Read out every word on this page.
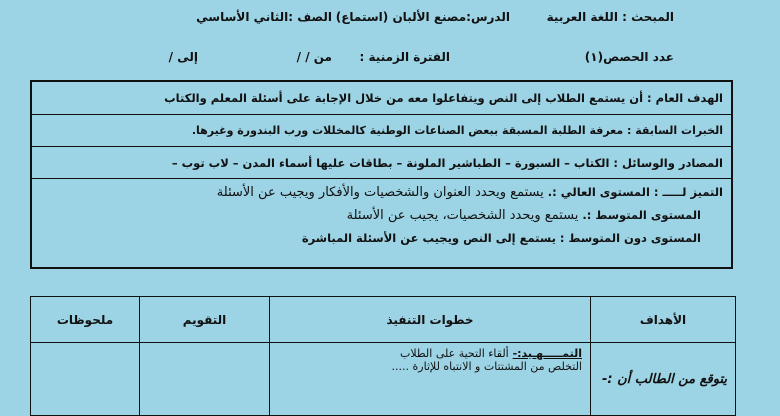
المبحث : اللغة العربية
الدرس:مصنع الألبان (استماع)
الصف :الثاني الأساسي
عدد الحصص(١)
الفترة الزمنية :
من / /
إلى /
الهدف العام : أن يستمع الطلاب إلى النص ويتفاعلوا معه من خلال الإجابة على أسئلة المعلم والكتاب
الخبرات السابقة : معرفة الطلبة المسبقة ببعض الصناعات الوطنية كالمخللات ورب البندورة وغيرها.
المصادر والوسائل : الكتاب – السبورة – الطباشير الملونة – بطاقات عليها أسماء المدن – لاب توب –
التميز لـــــ : المستوى العالي :. يستمع ويحدد العنوان والشخصيات والأفكار ويجيب عن الأسئلة
المستوى المتوسط :. يستمع ويحدد الشخصيات، يجيب عن الأسئلة
المستوى دون المتوسط : يستمع إلى النص ويجيب عن الأسئلة المباشرة
الأهداف	خطوات التنفيذ	التقويم	ملحوظات
يتوقع من الطالب أن :-	التمـــــهـيد:- ألقاء التحية على الطلاب
التخلص من المشتتات و الانتباه للإثارة .....		
